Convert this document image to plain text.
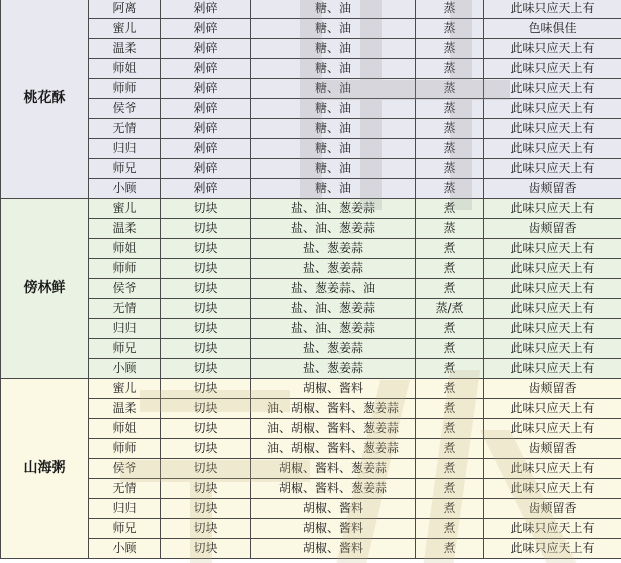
桃花酥	阿离	剁碎	糖、油	蒸	此味只应天上有
	蜜儿	剁碎	糖、油	蒸	色味俱佳
	温柔	剁碎	糖、油	蒸	此味只应天上有
	师姐	剁碎	糖、油	蒸	此味只应天上有
	师师	剁碎	糖、油	蒸	此味只应天上有
	侯爷	剁碎	糖、油	蒸	此味只应天上有
	无情	剁碎	糖、油	蒸	此味只应天上有
	归归	剁碎	糖、油	蒸	此味只应天上有
	师兄	剁碎	糖、油	蒸	此味只应天上有
	小顾	剁碎	糖、油	蒸	齿颊留香
傍林鲜	蜜儿	切块	盐、油、葱姜蒜	煮	此味只应天上有
	温柔	切块	盐、油、葱姜蒜	蒸	齿颊留香
	师姐	切块	盐、葱姜蒜	煮	此味只应天上有
	师师	切块	盐、葱姜蒜	煮	此味只应天上有
	侯爷	切块	盐、葱姜蒜、油	煮	此味只应天上有
	无情	切块	盐、油、葱姜蒜	蒸/煮	此味只应天上有
	归归	切块	盐、油、葱姜蒜	煮	此味只应天上有
	师兄	切块	盐、葱姜蒜	煮	此味只应天上有
	小顾	切块	盐、葱姜蒜	煮	此味只应天上有
山海粥	蜜儿	切块	胡椒、酱料	煮	齿颊留香
	温柔	切块	油、胡椒、酱料、葱姜蒜	煮	此味只应天上有
	师姐	切块	油、胡椒、酱料、葱姜蒜	煮	此味只应天上有
	师师	切块	油、胡椒、酱料、葱姜蒜	煮	齿颊留香
	侯爷	切块	胡椒、酱料、葱姜蒜	煮	此味只应天上有
	无情	切块	胡椒、酱料、葱姜蒜	煮	此味只应天上有
	归归	切块	胡椒、酱料	煮	齿颊留香
	师兄	切块	胡椒、酱料	煮	此味只应天上有
	小顾	切块	胡椒、酱料	煮	此味只应天上有
